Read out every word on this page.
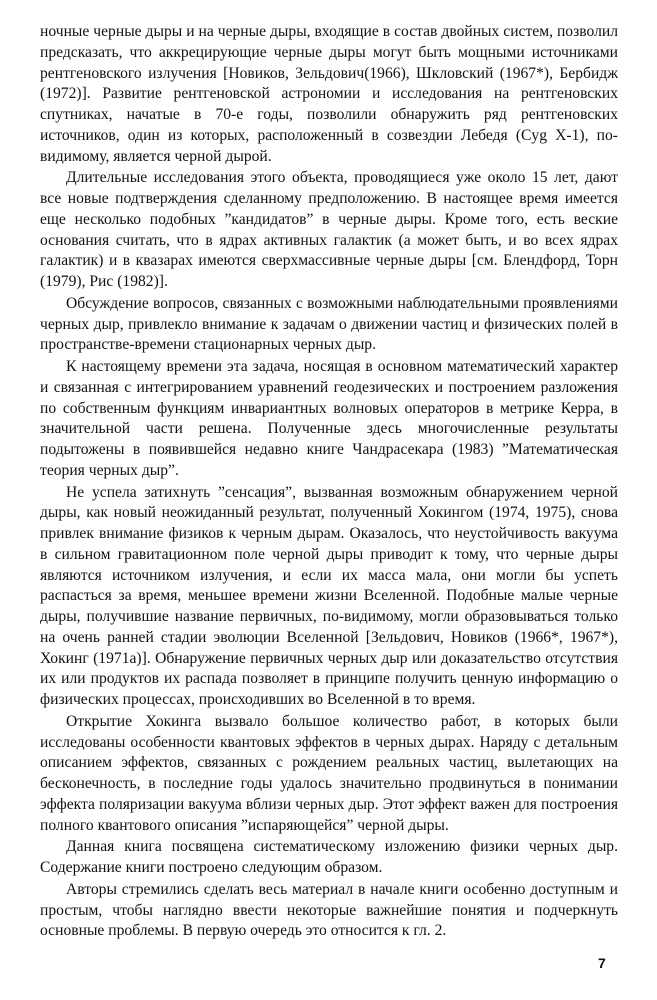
ночные черные дыры и на черные дыры, входящие в состав двойных систем, позволил предсказать, что аккрецирующие черные дыры могут быть мощными источниками рентгеновского излучения [Новиков, Зельдович(1966), Шкловский (1967*), Бербидж (1972)]. Развитие рентгеновской астрономии и исследования на рентгеновских спутниках, начатые в 70-е годы, позволили обнаружить ряд рентгеновских источников, один из которых, расположенный в созвездии Лебедя (Cyg X-1), по-видимому, является черной дырой.

Длительные исследования этого объекта, проводящиеся уже около 15 лет, дают все новые подтверждения сделанному предположению. В настоящее время имеется еще несколько подобных ”кандидатов” в черные дыры. Кроме того, есть веские основания считать, что в ядрах активных галактик (а может быть, и во всех ядрах галактик) и в квазарах имеются сверхмассивные черные дыры [см. Блендфорд, Торн (1979), Рис (1982)].

Обсуждение вопросов, связанных с возможными наблюдательными проявлениями черных дыр, привлекло внимание к задачам о движении частиц и физических полей в пространстве-времени стационарных черных дыр.

К настоящему времени эта задача, носящая в основном математический характер и связанная с интегрированием уравнений геодезических и построением разложения по собственным функциям инвариантных волновых операторов в метрике Керра, в значительной части решена. Полученные здесь многочисленные результаты подытожены в появившейся недавно книге Чандрасекара (1983) ”Математическая теория черных дыр”.

Не успела затихнуть ”сенсация”, вызванная возможным обнаружением черной дыры, как новый неожиданный результат, полученный Хокингом (1974, 1975), снова привлек внимание физиков к черным дырам. Оказалось, что неустойчивость вакуума в сильном гравитационном поле черной дыры приводит к тому, что черные дыры являются источником излучения, и если их масса мала, они могли бы успеть распасться за время, меньшее времени жизни Вселенной. Подобные малые черные дыры, получившие название первичных, по-видимому, могли образовываться только на очень ранней стадии эволюции Вселенной [Зельдович, Новиков (1966*, 1967*), Хокинг (1971а)]. Обнаружение первичных черных дыр или доказательство отсутствия их или продуктов их распада позволяет в принципе получить ценную информацию о физических процессах, происходивших во Вселенной в то время.

Открытие Хокинга вызвало большое количество работ, в которых были исследованы особенности квантовых эффектов в черных дырах. Наряду с детальным описанием эффектов, связанных с рождением реальных частиц, вылетающих на бесконечность, в последние годы удалось значительно продвинуться в понимании эффекта поляризации вакуума вблизи черных дыр. Этот эффект важен для построения полного квантового описания ”испаряющейся” черной дыры.

Данная книга посвящена систематическому изложению физики черных дыр. Содержание книги построено следующим образом.

Авторы стремились сделать весь материал в начале книги особенно доступным и простым, чтобы наглядно ввести некоторые важнейшие понятия и подчеркнуть основные проблемы. В первую очередь это относится к гл. 2.

7
